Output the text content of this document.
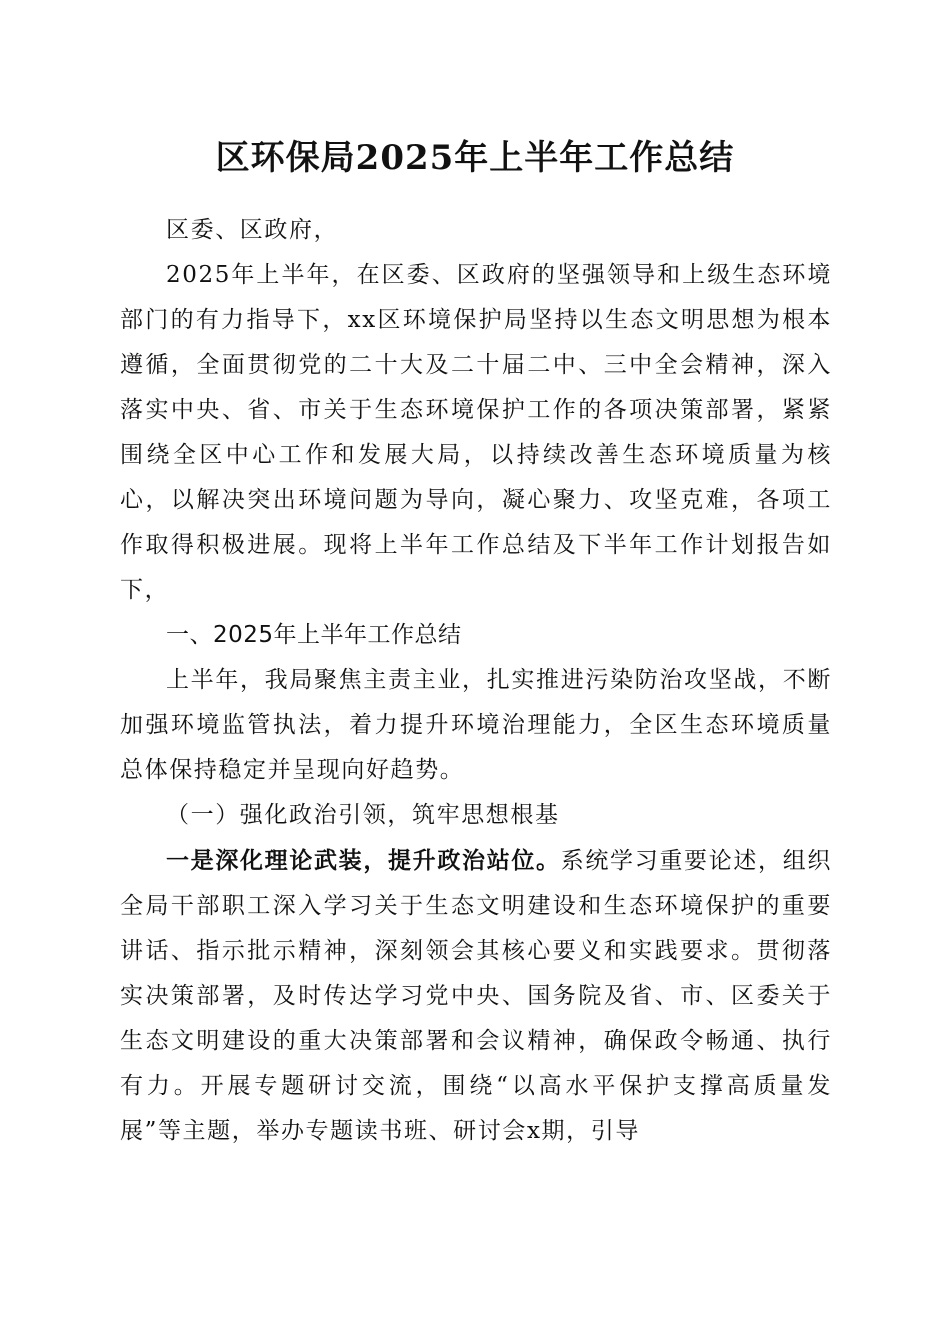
区环保局2025年上半年工作总结

区委、区政府，

2025年上半年，在区委、区政府的坚强领导和上级生态环境部门的有力指导下，xx区环境保护局坚持以生态文明思想为根本遵循，全面贯彻党的二十大及二十届二中、三中全会精神，深入落实中央、省、市关于生态环境保护工作的各项决策部署，紧紧围绕全区中心工作和发展大局，以持续改善生态环境质量为核心，以解决突出环境问题为导向，凝心聚力、攻坚克难，各项工作取得积极进展。现将上半年工作总结及下半年工作计划报告如下，

一、2025年上半年工作总结

上半年，我局聚焦主责主业，扎实推进污染防治攻坚战，不断加强环境监管执法，着力提升环境治理能力，全区生态环境质量总体保持稳定并呈现向好趋势。

（一）强化政治引领，筑牢思想根基

一是深化理论武装，提升政治站位。系统学习重要论述，组织全局干部职工深入学习关于生态文明建设和生态环境保护的重要讲话、指示批示精神，深刻领会其核心要义和实践要求。贯彻落实决策部署，及时传达学习党中央、国务院及省、市、区委关于生态文明建设的重大决策部署和会议精神，确保政令畅通、执行有力。开展专题研讨交流，围绕“以高水平保护支撑高质量发展”等主题，举办专题读书班、研讨会x期，引导
